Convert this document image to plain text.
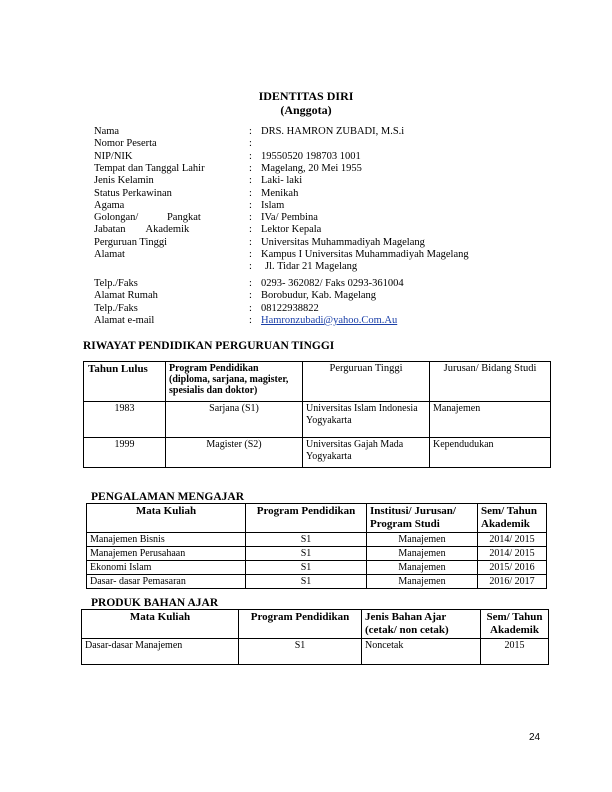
IDENTITAS DIRI
(Anggota)
Nama	: DRS. HAMRON ZUBADI, M.S.i
Nomor Peserta	:
NIP/NIK	: 19550520 198703 1001
Tempat dan Tanggal Lahir	: Magelang, 20 Mei 1955
Jenis Kelamin	: Laki- laki
Status Perkawinan	: Menikah
Agama	: Islam
Golongan/ Pangkat	: IVa/ Pembina
Jabatan Akademik	: Lektor Kepala
Perguruan Tinggi	: Universitas Muhammadiyah Magelang
Alamat	: Kampus I Universitas Muhammadiyah Magelang
: Jl. Tidar 21 Magelang
Telp./Faks	: 0293- 362082/ Faks 0293-361004
Alamat Rumah	: Borobudur, Kab. Magelang
Telp./Faks	: 08122938822
Alamat e-mail	: Hamronzubadi@yahoo.Com.Au
RIWAYAT PENDIDIKAN PERGURUAN TINGGI
Tahun Lulus	Program Pendidikan (diploma, sarjana, magister, spesialis dan doktor)	Perguruan Tinggi	Jurusan/ Bidang Studi
1983	Sarjana (S1)	Universitas Islam Indonesia Yogyakarta	Manajemen
1999	Magister (S2)	Universitas Gajah Mada Yogyakarta	Kependudukan
PENGALAMAN MENGAJAR
Mata Kuliah	Program Pendidikan	Institusi/ Jurusan/ Program Studi	Sem/ Tahun Akademik
Manajemen Bisnis	S1	Manajemen	2014/ 2015
Manajemen Perusahaan	S1	Manajemen	2014/ 2015
Ekonomi Islam	S1	Manajemen	2015/ 2016
Dasar- dasar Pemasaran	S1	Manajemen	2016/ 2017
PRODUK BAHAN AJAR
Mata Kuliah	Program Pendidikan	Jenis Bahan Ajar (cetak/ non cetak)	Sem/ Tahun Akademik
Dasar-dasar Manajemen	S1	Noncetak	2015
24
